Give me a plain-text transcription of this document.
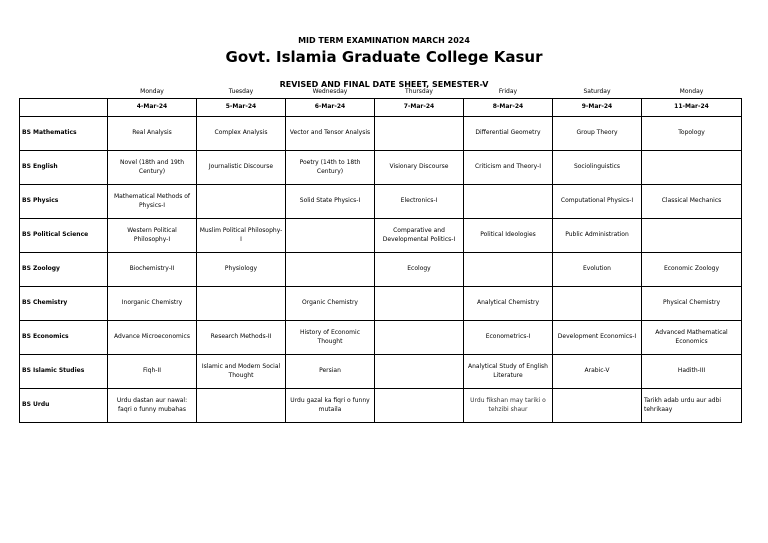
MID TERM EXAMINATION MARCH 2024
Govt. Islamia Graduate College Kasur
REVISED AND FINAL DATE SHEET, SEMESTER-V
	Monday	Tuesday	Wednesday	Thursday	Friday	Saturday	Monday
	4-Mar-24	5-Mar-24	6-Mar-24	7-Mar-24	8-Mar-24	9-Mar-24	11-Mar-24
BS Mathematics	Real Analysis	Complex Analysis	Vector and Tensor Analysis		Differential Geometry	Group Theory	Topology
BS English	Novel (18th and 19th Century)	Journalistic Discourse	Poetry (14th to 18th Century)	Visionary Discourse	Criticism and Theory-I	Sociolinguistics	
BS Physics	Mathematical Methods of Physics-I		Solid State Physics-I	Electronics-I		Computational Physics-I	Classical Mechanics
BS Political Science	Western Political Philosophy-I	Muslim Political Philosophy-I		Comparative and Developmental Politics-I	Political Ideologies	Public Administration	
BS Zoology	Biochemistry-II	Physiology		Ecology		Evolution	Economic Zoology
BS Chemistry	Inorganic Chemistry		Organic Chemistry		Analytical Chemistry		Physical Chemistry
BS Economics	Advance Microeconomics	Research Methods-II	History of Economic Thought		Econometrics-I	Development Economics-I	Advanced Mathematical Economics
BS Islamic Studies	Fiqh-II	Islamic and Modern Social Thought	Persian		Analytical Study of English Literature	Arabic-V	Hadith-III
BS Urdu	Urdu dastan aur nawal: faqri o funny mubahas		Urdu gazal ka fiqri o funny mutaila		Urdu fikshan may tariki o tehzibi shaur		Tarikh adab urdu aur adbi tehrikaay
